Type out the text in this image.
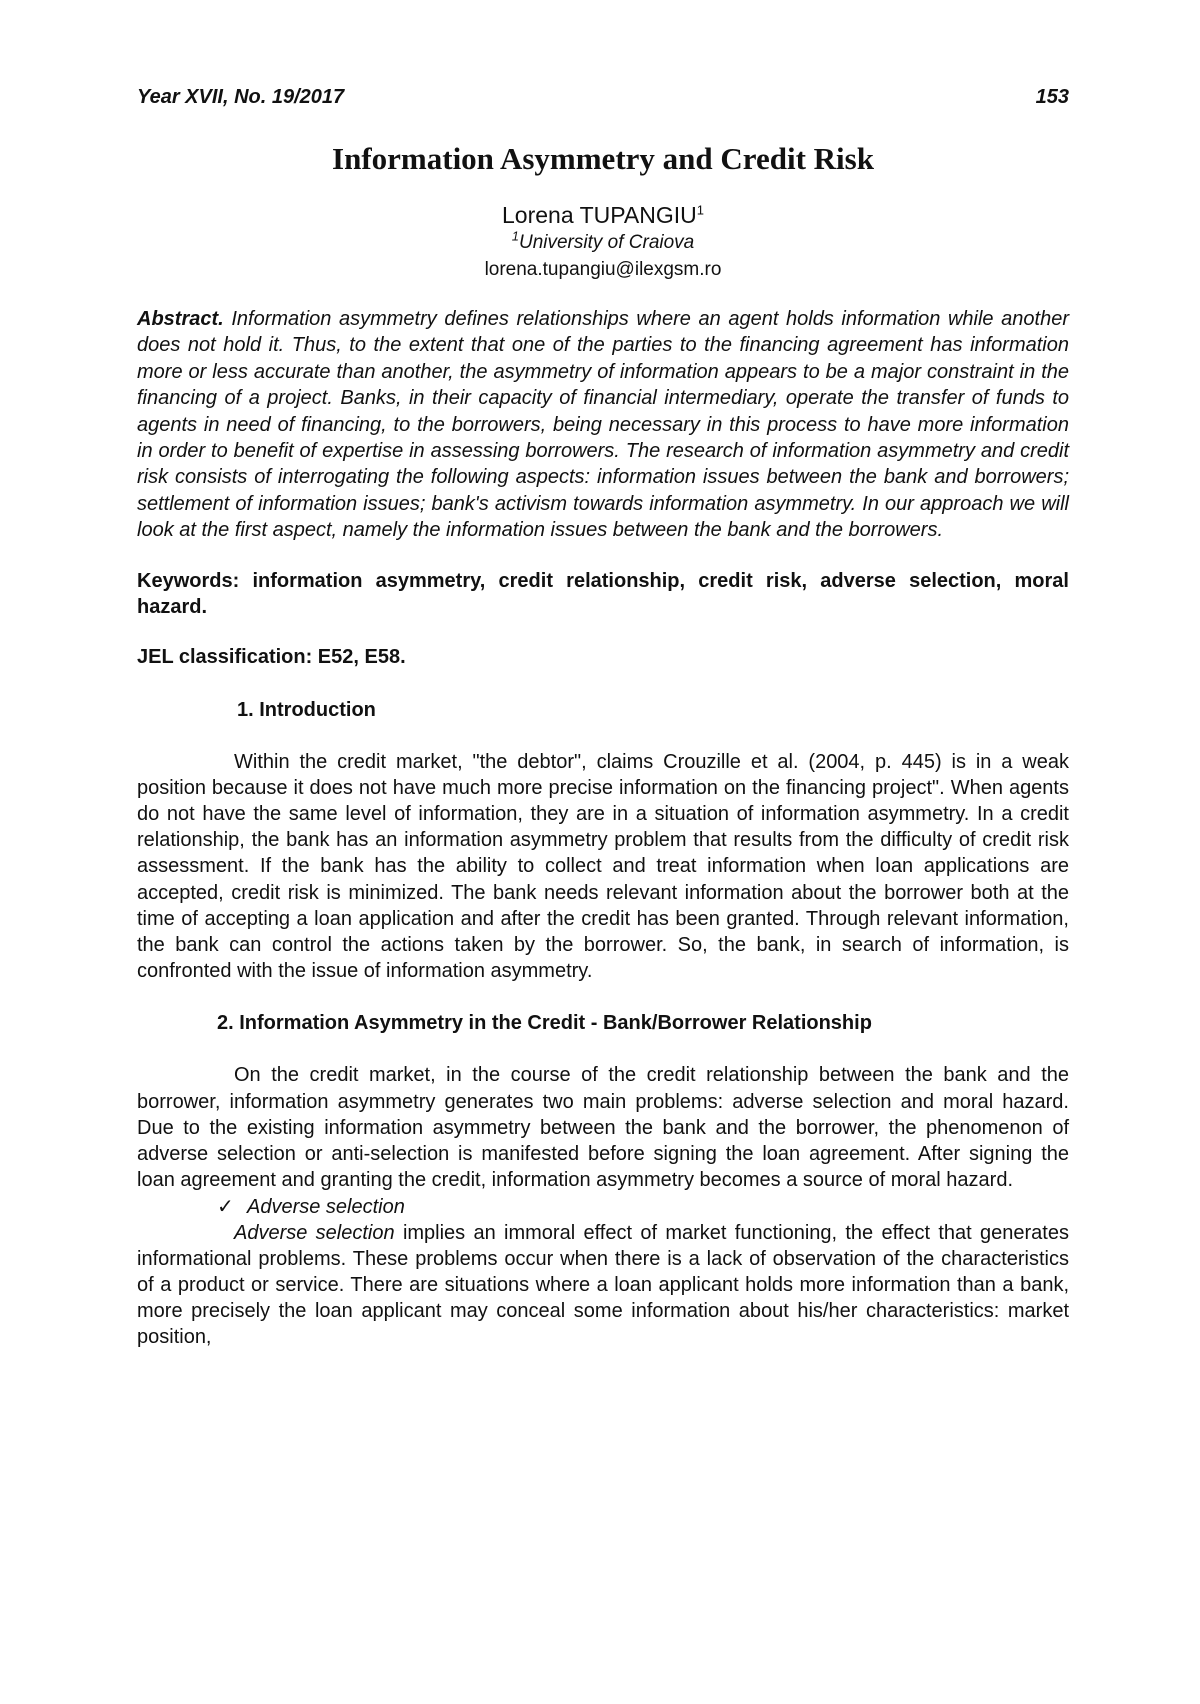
Year XVII, No. 19/2017	153
Information Asymmetry and Credit Risk
Lorena TUPANGIU$^1$
$^1$University of Craiova
lorena.tupangiu@ilexgsm.ro

Abstract. Information asymmetry defines relationships where an agent holds information while another does not hold it. Thus, to the extent that one of the parties to the financing agreement has information more or less accurate than another, the asymmetry of information appears to be a major constraint in the financing of a project. Banks, in their capacity of financial intermediary, operate the transfer of funds to agents in need of financing, to the borrowers, being necessary in this process to have more information in order to benefit of expertise in assessing borrowers. The research of information asymmetry and credit risk consists of interrogating the following aspects: information issues between the bank and borrowers; settlement of information issues; bank's activism towards information asymmetry. In our approach we will look at the first aspect, namely the information issues between the bank and the borrowers.

Keywords: information asymmetry, credit relationship, credit risk, adverse selection, moral hazard.

JEL classification: E52, E58.

1. Introduction

Within the credit market, "the debtor", claims Crouzille et al. (2004, p. 445) is in a weak position because it does not have much more precise information on the financing project". When agents do not have the same level of information, they are in a situation of information asymmetry. In a credit relationship, the bank has an information asymmetry problem that results from the difficulty of credit risk assessment. If the bank has the ability to collect and treat information when loan applications are accepted, credit risk is minimized. The bank needs relevant information about the borrower both at the time of accepting a loan application and after the credit has been granted. Through relevant information, the bank can control the actions taken by the borrower. So, the bank, in search of information, is confronted with the issue of information asymmetry.

2. Information Asymmetry in the Credit - Bank/Borrower Relationship

On the credit market, in the course of the credit relationship between the bank and the borrower, information asymmetry generates two main problems: adverse selection and moral hazard. Due to the existing information asymmetry between the bank and the borrower, the phenomenon of adverse selection or anti-selection is manifested before signing the loan agreement. After signing the loan agreement and granting the credit, information asymmetry becomes a source of moral hazard.

✓ Adverse selection

Adverse selection implies an immoral effect of market functioning, the effect that generates informational problems. These problems occur when there is a lack of observation of the characteristics of a product or service. There are situations where a loan applicant holds more information than a bank, more precisely the loan applicant may conceal some information about his/her characteristics: market position,
